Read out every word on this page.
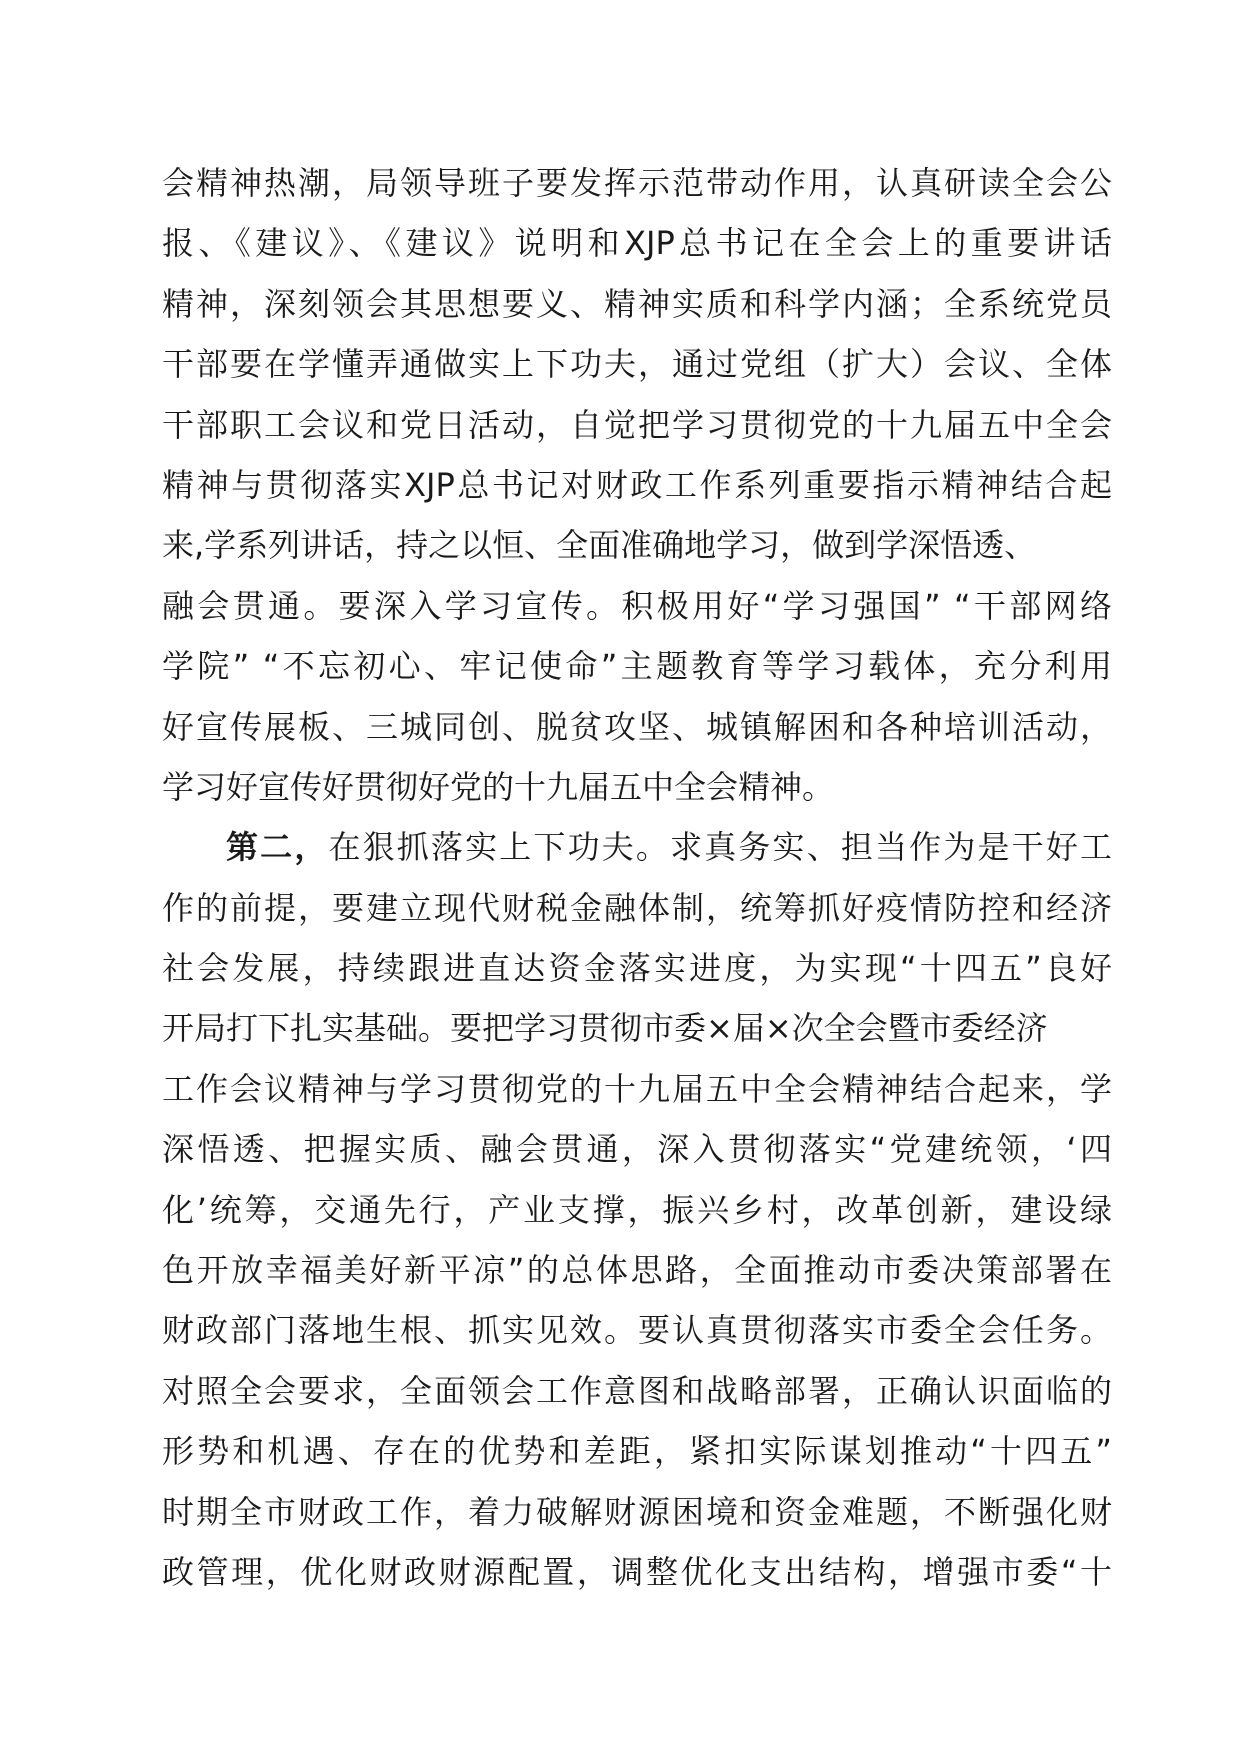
会精神热潮，局领导班子要发挥示范带动作用，认真研读全会公
报、《建议》、《建议》说明和XJP总书记在全会上的重要讲话
精神，深刻领会其思想要义、精神实质和科学内涵；全系统党员
干部要在学懂弄通做实上下功夫，通过党组（扩大）会议、全体
干部职工会议和党日活动，自觉把学习贯彻党的十九届五中全会
精神与贯彻落实XJP总书记对财政工作系列重要指示精神结合起
来,学系列讲话，持之以恒、全面准确地学习，做到学深悟透、
融会贯通。要深入学习宣传。积极用好“学习强国” “干部网络
学院” “不忘初心、牢记使命”主题教育等学习载体，充分利用
好宣传展板、三城同创、脱贫攻坚、城镇解困和各种培训活动，
学习好宣传好贯彻好党的十九届五中全会精神。
第二，在狠抓落实上下功夫。求真务实、担当作为是干好工
作的前提，要建立现代财税金融体制，统筹抓好疫情防控和经济
社会发展，持续跟进直达资金落实进度，为实现“十四五”良好
开局打下扎实基础。要把学习贯彻市委×届×次全会暨市委经济
工作会议精神与学习贯彻党的十九届五中全会精神结合起来，学
深悟透、把握实质、融会贯通，深入贯彻落实“党建统领，‘四
化’统筹，交通先行，产业支撑，振兴乡村，改革创新，建设绿
色开放幸福美好新平凉”的总体思路，全面推动市委决策部署在
财政部门落地生根、抓实见效。要认真贯彻落实市委全会任务。
对照全会要求，全面领会工作意图和战略部署，正确认识面临的
形势和机遇、存在的优势和差距，紧扣实际谋划推动“十四五”
时期全市财政工作，着力破解财源困境和资金难题，不断强化财
政管理，优化财政财源配置，调整优化支出结构，增强市委“十
